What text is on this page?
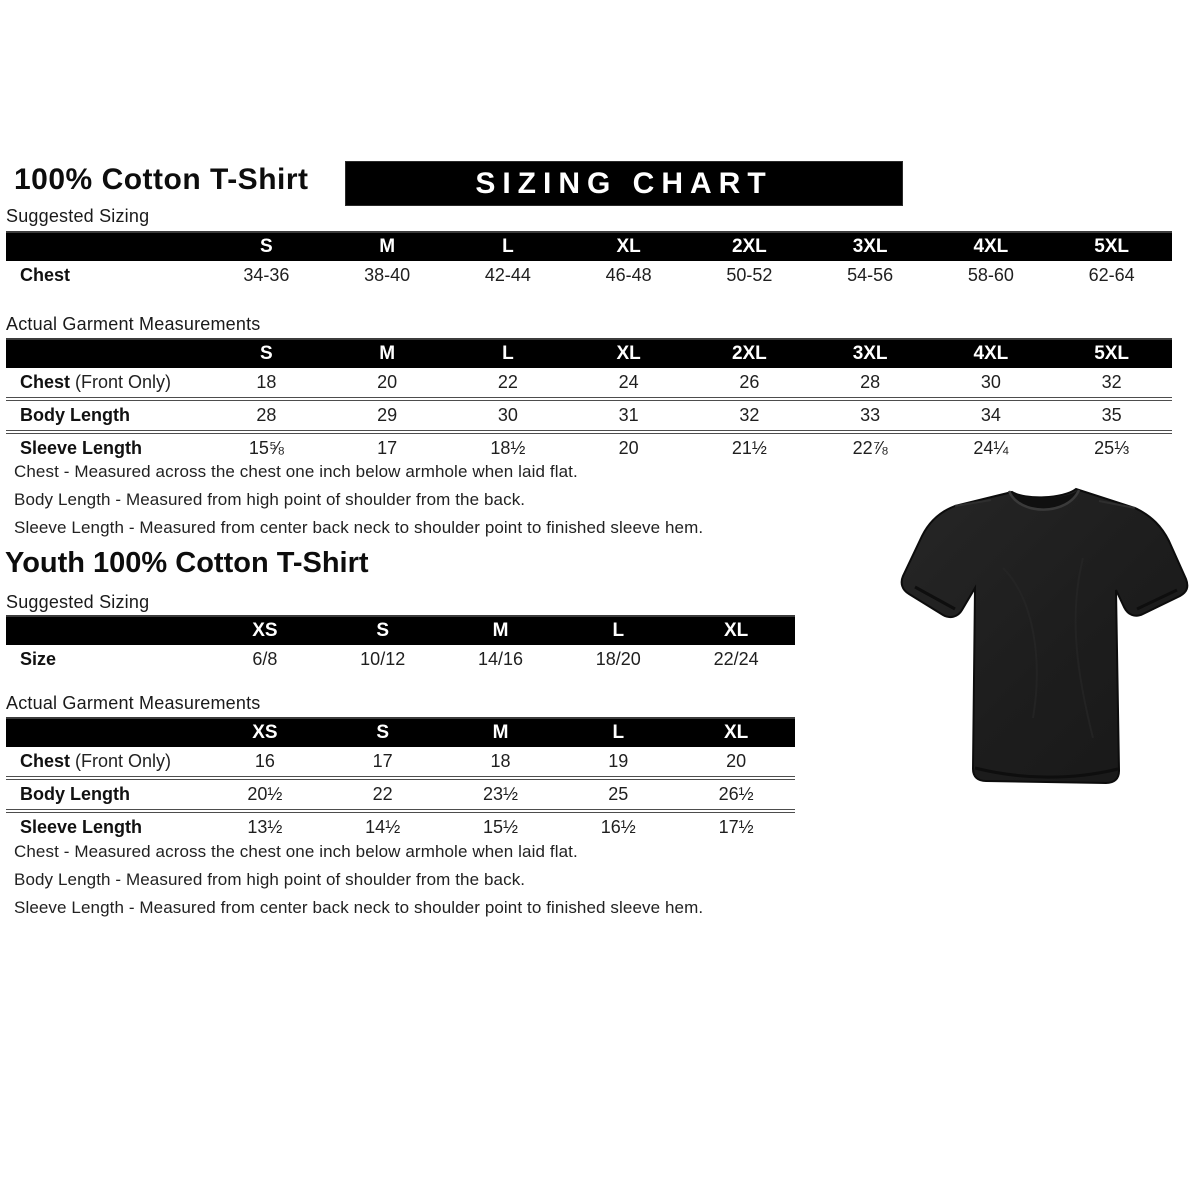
100% Cotton T-Shirt	SIZING CHART
Suggested Sizing
S	M	L	XL	2XL	3XL	4XL	5XL
Chest	34-36	38-40	42-44	46-48	50-52	54-56	58-60	62-64
Actual Garment Measurements
S	M	L	XL	2XL	3XL	4XL	5XL
Chest (Front Only)	18	20	22	24	26	28	30	32
Body Length	28	29	30	31	32	33	34	35
Sleeve Length	15⅝	17	18½	20	21½	22⅞	24¼	25⅓

Chest - Measured across the chest one inch below armhole when laid flat.

Body Length - Measured from high point of shoulder from the back.

Sleeve Length - Measured from center back neck to shoulder point to finished sleeve hem.

Youth 100% Cotton T-Shirt
Suggested Sizing
XS	S	M	L	XL
Size	6/8	10/12	14/16	18/20	22/24
Actual Garment Measurements
XS	S	M	L	XL
Chest (Front Only)	16	17	18	19	20
Body Length	20½	22	23½	25	26½
Sleeve Length	13½	14½	15½	16½	17½

Chest - Measured across the chest one inch below armhole when laid flat.

Body Length - Measured from high point of shoulder from the back.

Sleeve Length - Measured from center back neck to shoulder point to finished sleeve hem.
